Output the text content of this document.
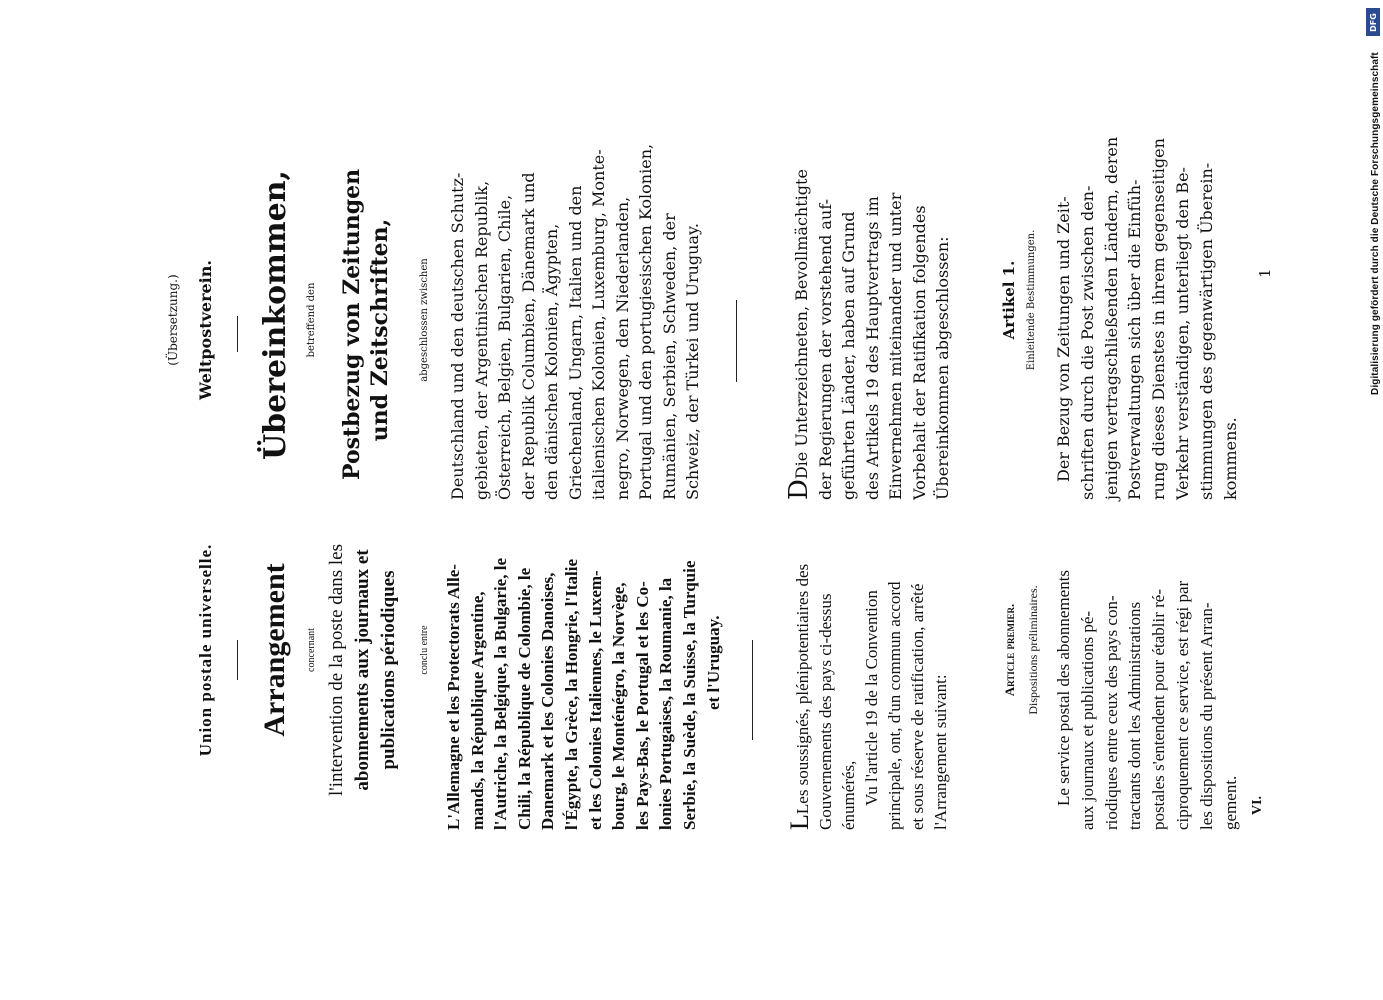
DFG
Digitalisierung gefördert durch die Deutsche Forschungsgemeinschaft
Union postale universelle. Arrangement concernant l'intervention de la poste dans les abonnements aux journaux et publications périodiques	conclu entre L'Allemagne et les Protectorats Alle- mands, la République Argentine, l'Autriche, la Belgique, la Bulgarie, le Chili, la République de Colombie, le Danemark et les Colonies Danoises, l'Égypte, la Grèce, la Hongrie, l'Italie et les Colonies Italiennes, le Luxem- bourg, le Monténégro, la Norvège, les Pays-Bas, le Portugal et les Co- lonies Portugaises, la Roumanie, la Serbie, la Suède, la Suisse, la Turquie et l'Uruguay.
LLes soussignés, plénipotentiaires des Gouvernements des pays ci-dessus énumérés, Vu l'article 19 de la Convention principale, ont, d'un commun accord et sous réserve de ratification, arrêté l'Arrangement suivant:
Article premier. Dispositions préliminaires. Le service postal des abonnements aux journaux et publications pé- riodiques entre ceux des pays con- tractants dont les Administrations postales s'entendent pour établir ré- ciproquement ce service, est régi par les dispositions du présent Arran- gement. VI.
(Übersetzung.) Weltpostverein. Übereinkommen, betreffend den Postbezug von Zeitungen und Zeitschriften,	abgeschlossen zwischen Deutschland und den deutschen Schutz- gebieten, der Argentinischen Republik, Österreich, Belgien, Bulgarien, Chile, der Republik Columbien, Dänemark und den dänischen Kolonien, Ägypten, Griechenland, Ungarn, Italien und den italienischen Kolonien, Luxemburg, Monte- negro, Norwegen, den Niederlanden, Portugal und den portugiesischen Kolonien, Rumänien, Serbien, Schweden, der Schweiz, der Türkei und Uruguay.	DDie Unterzeichneten, Bevollmächtigte der Regierungen der vorstehend auf- geführten Länder, haben auf Grund des Artikels 19 des Hauptvertrags im Einvernehmen miteinander und unter Vorbehalt der Ratifikation folgendes Übereinkommen abgeschlossen:	Artikel 1. Einleitende Bestimmungen. Der Bezug von Zeitungen und Zeit- schriften durch die Post zwischen den- jenigen vertragschließenden Ländern, deren Postverwaltungen sich über die Einfüh- rung dieses Dienstes in ihrem gegenseitigen Verkehr verständigen, unterliegt den Be- stimmungen des gegenwärtigen Überein- kommens.
1
